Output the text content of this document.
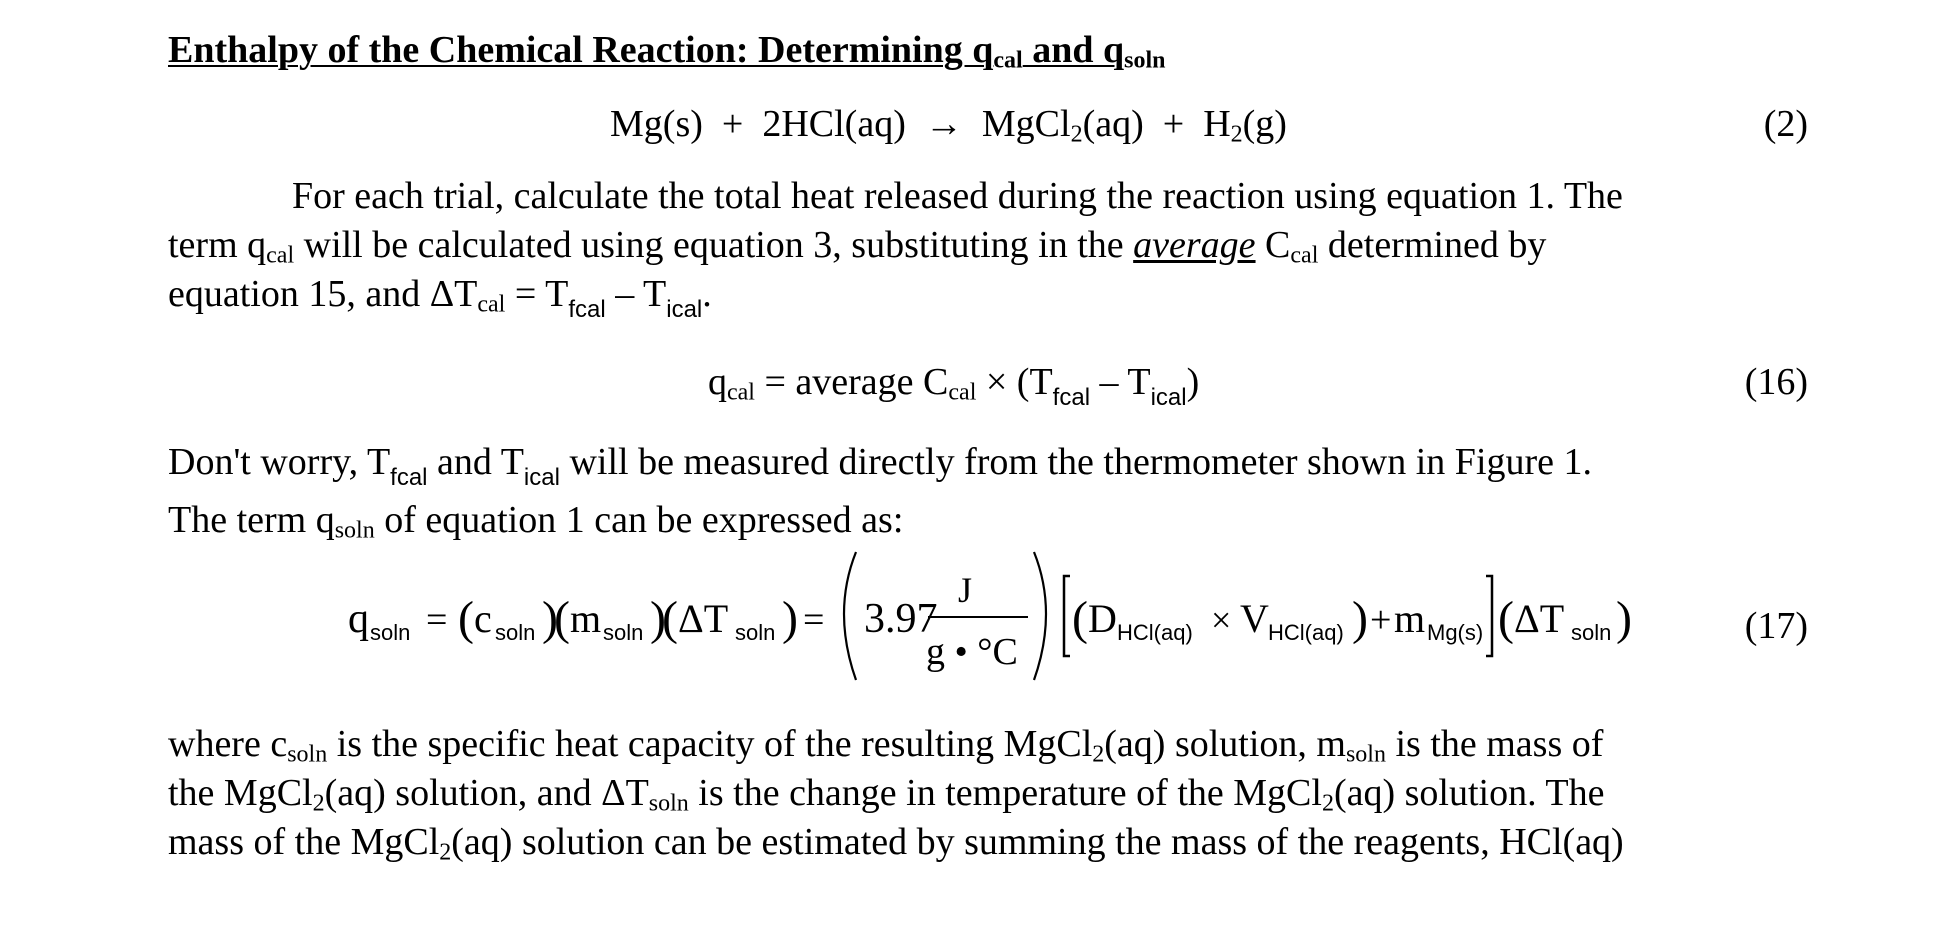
Enthalpy of the Chemical Reaction: Determining qcal and qsoln
Mg(s) + 2HCl(aq) → MgCl2(aq) + H2(g)	(2)
For each trial, calculate the total heat released during the reaction using equation 1. The
term qcal will be calculated using equation 3, substituting in the average Ccal determined by
equation 15, and ΔTcal = $T_{fcal} - T_{ical}$.
qcal = average Ccal × $(T_{fcal} - T_{ical})$	(16)
Don't worry, $T_{fcal}$ and $T_{ical}$ will be measured directly from the thermometer shown in Figure 1.
The term qsoln of equation 1 can be expressed as:
q soln = ( c soln )
( m soln )
( ΔT soln ) = 3.97
J
g • °C
( D HCl(aq) × V HCl(aq) ) + m Mg(s) ( ΔT soln )	(17)
where csoln is the specific heat capacity of the resulting MgCl2(aq) solution, msoln is the mass of
the MgCl2(aq) solution, and ΔTsoln is the change in temperature of the MgCl2(aq) solution. The
mass of the MgCl2(aq) solution can be estimated by summing the mass of the reagents, HCl(aq)
